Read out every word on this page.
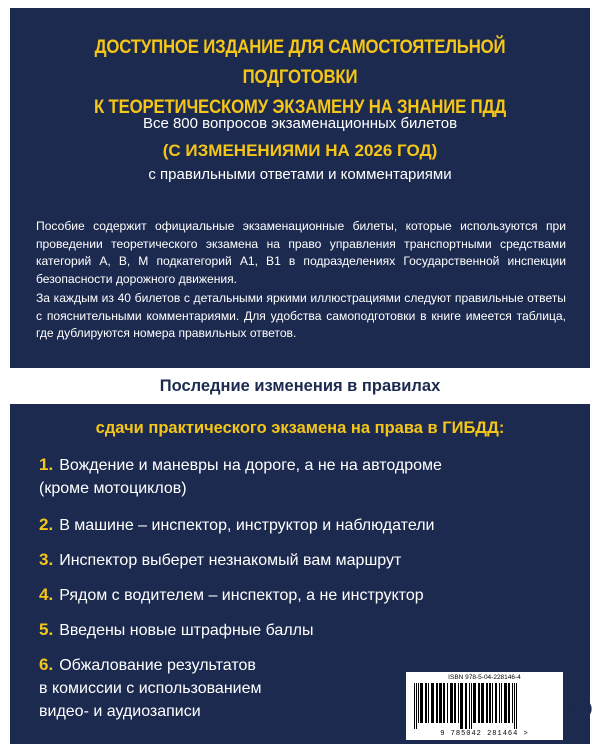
ДОСТУПНОЕ ИЗДАНИЕ ДЛЯ САМОСТОЯТЕЛЬНОЙ ПОДГОТОВКИ
К ТЕОРЕТИЧЕСКОМУ ЭКЗАМЕНУ НА ЗНАНИЕ ПДД
Все 800 вопросов экзаменационных билетов
(С ИЗМЕНЕНИЯМИ НА 2026 ГОД)
с правильными ответами и комментариями
Пособие содержит официальные экзаменационные билеты, которые используются при проведении теоретического экзамена на право управления транспортными средствами категорий A, B, M подкатегорий A1, B1 в подразделениях Государственной инспекции безопасности дорожного движения.
За каждым из 40 билетов с детальными яркими иллюстрациями следуют правильные ответы с пояснительными комментариями. Для удобства самоподготовки в книге имеется таблица, где дублируются номера правильных ответов.
Последние изменения в правилах
сдачи практического экзамена на права в ГИБДД:
1. Вождение и маневры на дороге, а не на автодроме
(кроме мотоциклов)
2. В машине – инспектор, инструктор и наблюдатели
3. Инспектор выберет незнакомый вам маршрут
4. Рядом с водителем – инспектор, а не инструктор
5. Введены новые штрафные баллы
6. Обжалование результатов
в комиссии с использованием
видео- и аудиозаписи
ISBN 978-5-04-228146-4
9 785042 281464 >
